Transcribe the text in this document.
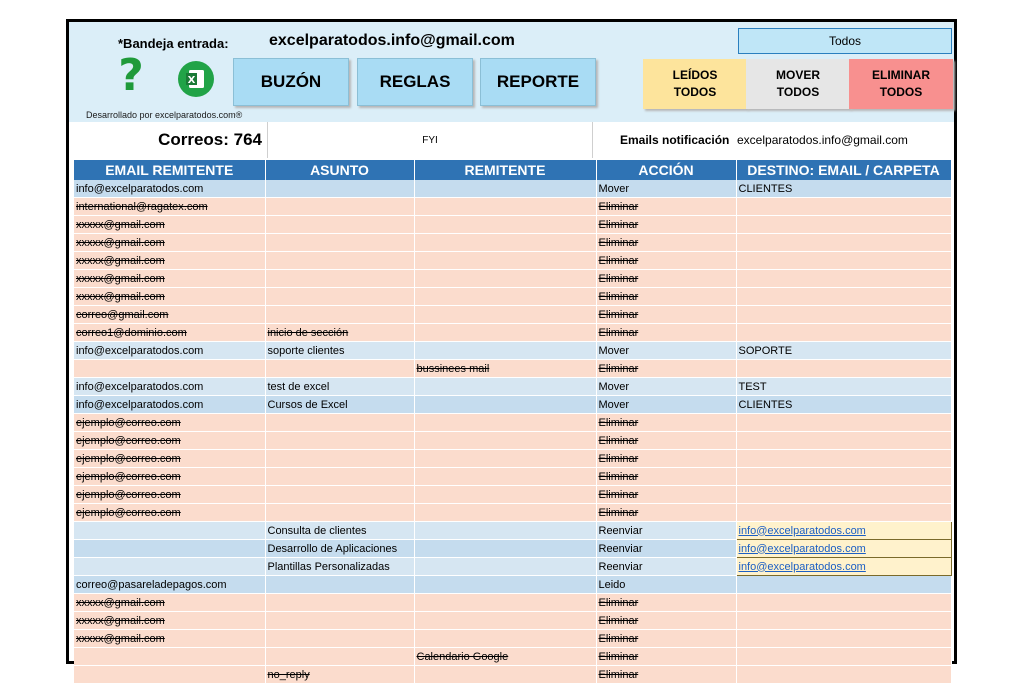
*Bandeja entrada:	excelparatodos.info@gmail.com	Todos
?	X
Desarrollado por excelparatodos.com®
BUZÓN	REGLAS	REPORTE	LEÍDOS
TODOS
MOVER
TODOS
ELIMINAR
TODOS
Correos: 764	FYI	Emails notificación excelparatodos.info@gmail.com
EMAIL REMITENTE	ASUNTO	REMITENTE	ACCIÓN	DESTINO: EMAIL / CARPETA
info@excelparatodos.com			Mover	CLIENTES
international@ragatex.com			Eliminar	
xxxxx@gmail.com			Eliminar	
xxxxx@gmail.com			Eliminar	
xxxxx@gmail.com			Eliminar	
xxxxx@gmail.com			Eliminar	
xxxxx@gmail.com			Eliminar	
correo@gmail.com			Eliminar	
correo1@dominio.com	inicio de sección		Eliminar	
info@excelparatodos.com	soporte clientes		Mover	SOPORTE
		bussinees mail	Eliminar	
info@excelparatodos.com	test de excel		Mover	TEST
info@excelparatodos.com	Cursos de Excel		Mover	CLIENTES
ejemplo@correo.com			Eliminar	
ejemplo@correo.com			Eliminar	
ejemplo@correo.com			Eliminar	
ejemplo@correo.com			Eliminar	
ejemplo@correo.com			Eliminar	
ejemplo@correo.com			Eliminar	
	Consulta de clientes		Reenviar	info@excelparatodos.com
	Desarrollo de Aplicaciones		Reenviar	info@excelparatodos.com
	Plantillas Personalizadas		Reenviar	info@excelparatodos.com
correo@pasareladepagos.com			Leido	
xxxxx@gmail.com			Eliminar	
xxxxx@gmail.com			Eliminar	
xxxxx@gmail.com			Eliminar	
		Calendario Google	Eliminar	
	no_reply		Eliminar	
